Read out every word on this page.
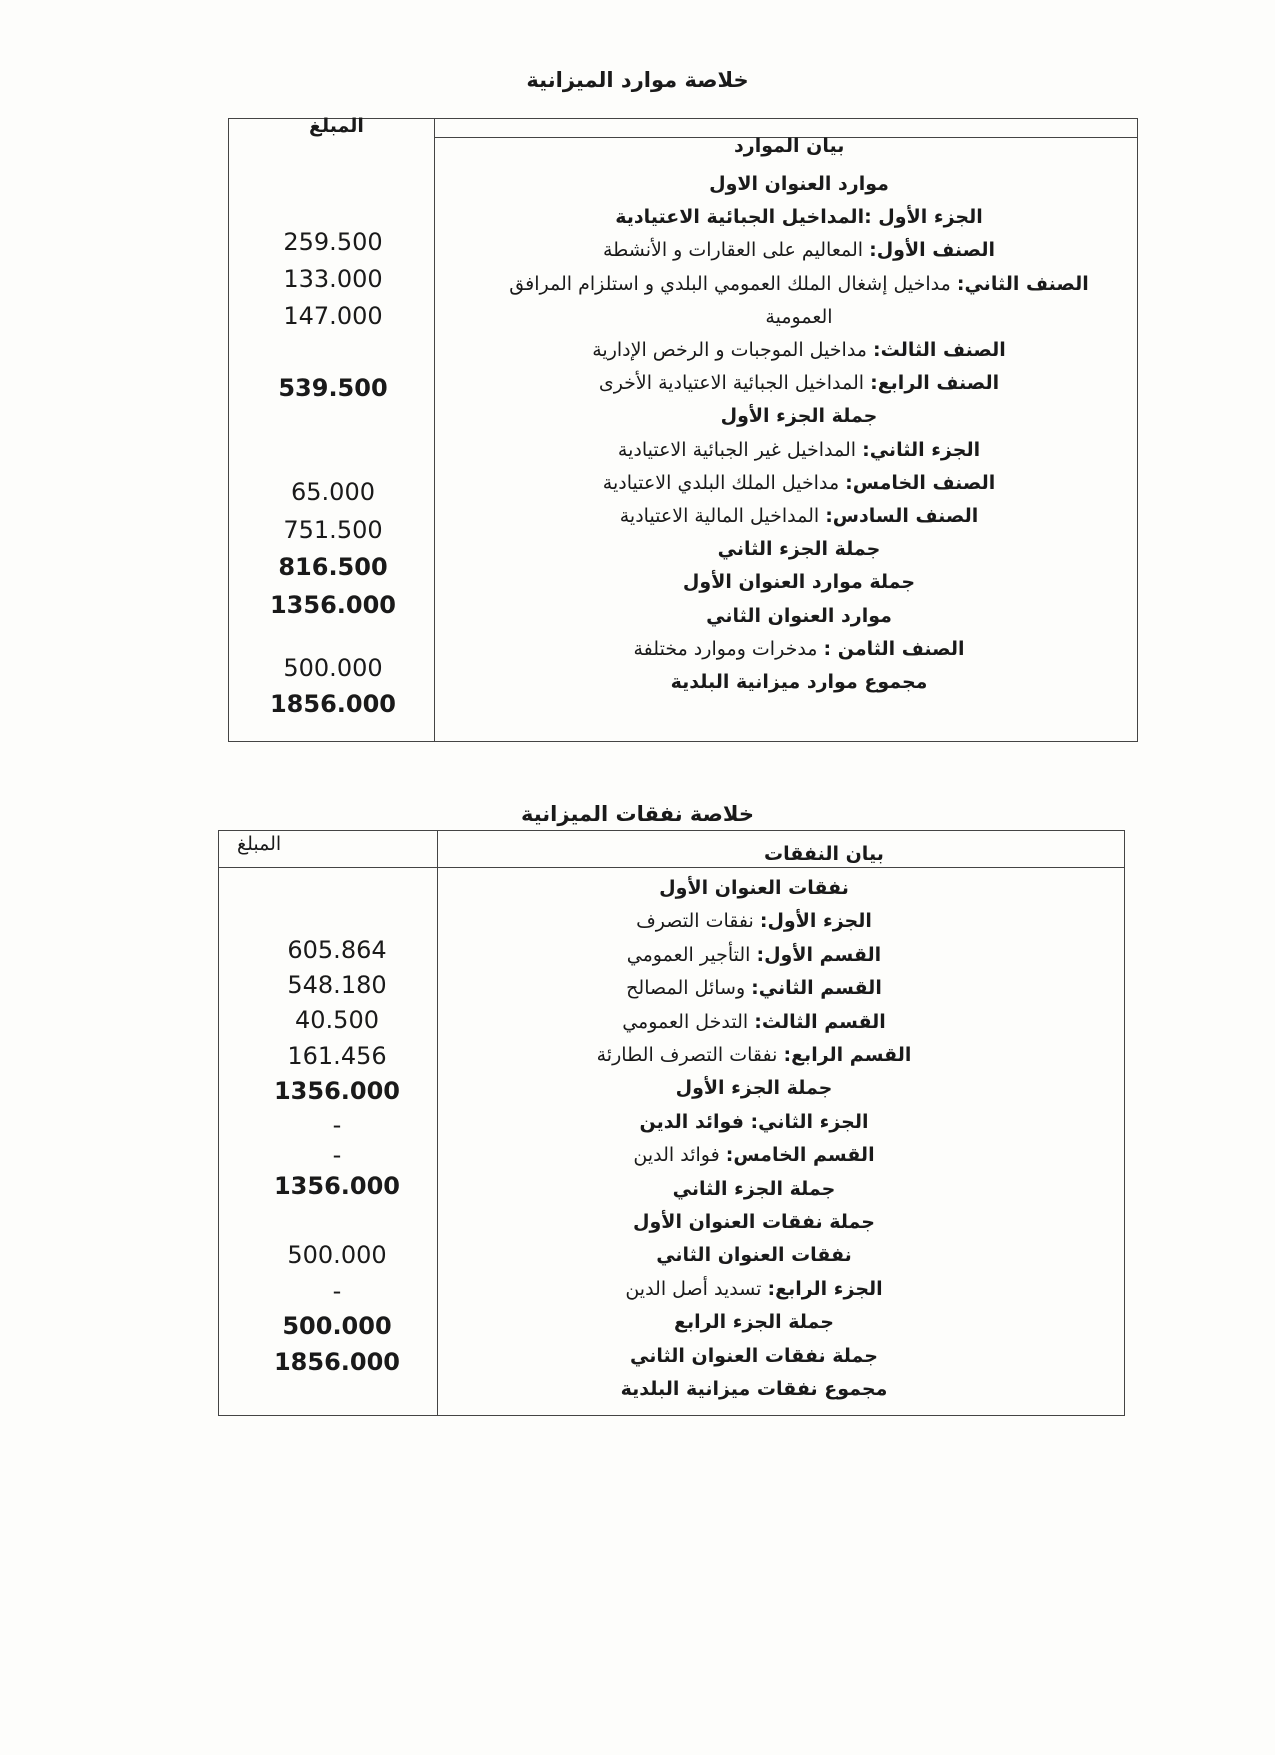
خلاصة موارد الميزانية
المبلغ
بيان الموارد
موارد العنوان الاول
الجزء الأول :المداخيل الجبائية الاعتيادية
الصنف الأول: المعاليم على العقارات و الأنشطة
الصنف الثاني: مداخيل إشغال الملك العمومي البلدي و استلزام المرافق
العمومية
الصنف الثالث: مداخيل الموجبات و الرخص الإدارية
الصنف الرابع: المداخيل الجبائية الاعتيادية الأخرى
جملة الجزء الأول
الجزء الثاني: المداخيل غير الجبائية الاعتيادية
الصنف الخامس: مداخيل الملك البلدي الاعتيادية
الصنف السادس: المداخيل المالية الاعتيادية
جملة الجزء الثاني
جملة موارد العنوان الأول
موارد العنوان الثاني
الصنف الثامن : مدخرات وموارد مختلفة
مجموع موارد ميزانية البلدية
259.500
133.000
147.000
539.500
65.000
751.500
816.500
1356.000
500.000
1856.000
خلاصة نفقات الميزانية
المبلغ	بيان النفقات
نفقات العنوان الأول
الجزء الأول: نفقات التصرف
القسم الأول: التأجير العمومي
القسم الثاني: وسائل المصالح
القسم الثالث: التدخل العمومي
القسم الرابع: نفقات التصرف الطارئة
جملة الجزء الأول
الجزء الثاني: فوائد الدين
القسم الخامس: فوائد الدين
جملة الجزء الثاني
جملة نفقات العنوان الأول
نفقات العنوان الثاني
الجزء الرابع: تسديد أصل الدين
جملة الجزء الرابع
جملة نفقات العنوان الثاني
مجموع نفقات ميزانية البلدية
605.864
548.180
40.500
161.456
1356.000
-
-
1356.000
500.000
-
500.000
1856.000
